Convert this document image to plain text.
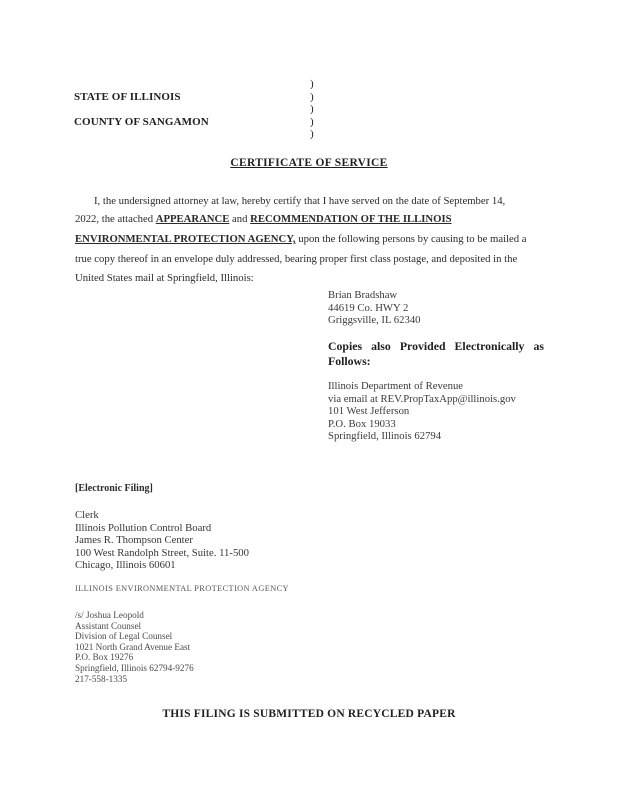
STATE OF ILLINOIS
COUNTY OF SANGAMON
)
)
)
)
)
CERTIFICATE OF SERVICE
I, the undersigned attorney at law, hereby certify that I have served on the date of September 14,
2022, the attached APPEARANCE and RECOMMENDATION OF THE ILLINOIS
ENVIRONMENTAL PROTECTION AGENCY, upon the following persons by causing to be mailed a
true copy thereof in an envelope duly addressed, bearing proper first class postage, and deposited in the
United States mail at Springfield, Illinois:
Brian Bradshaw
44619 Co. HWY 2
Griggsville, IL 62340
Copies also Provided Electronically as Follows:
Illinois Department of Revenue
via email at REV.PropTaxApp@illinois.gov
101 West Jefferson
P.O. Box 19033
Springfield, Illinois 62794
[Electronic Filing]
Clerk
Illinois Pollution Control Board
James R. Thompson Center
100 West Randolph Street, Suite. 11-500
Chicago, Illinois 60601
ILLINOIS ENVIRONMENTAL PROTECTION AGENCY
/s/ Joshua Leopold
Assistant Counsel
Division of Legal Counsel
1021 North Grand Avenue East
P.O. Box 19276
Springfield, Illinois 62794-9276
217-558-1335
THIS FILING IS SUBMITTED ON RECYCLED PAPER
